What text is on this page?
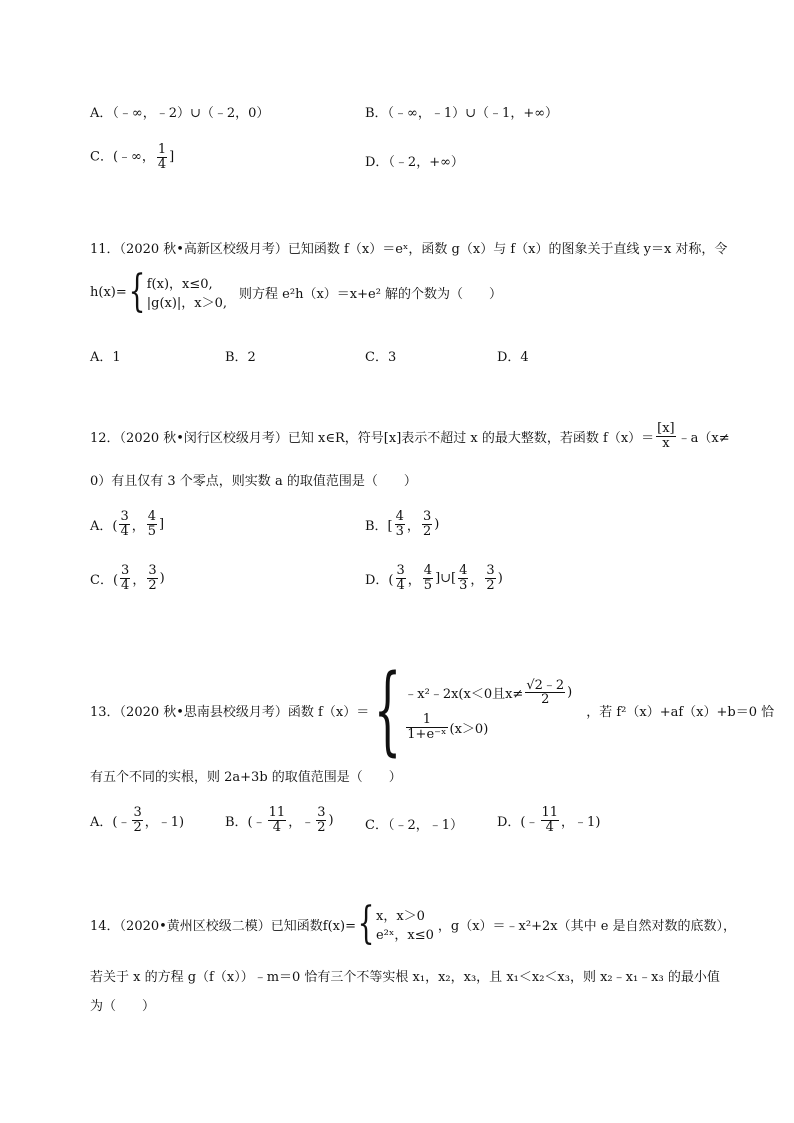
A．（﹣∞，﹣2）∪（﹣2，0）	B．（﹣∞，﹣1）∪（﹣1，+∞）
C．(﹣∞， $\frac{1}{4}$ ]	D．（﹣2，+∞）
11．（2020 秋•高新区校级月考）已知函数 f（x）＝eˣ，函数 g（x）与 f（x）的图象关于直线 y＝x 对称，令
h(x)= { f(x)，x≤0,
|g(x)|，x＞0,
则方程 e²h（x）＝x+e² 解的个数为（　　）
A．1	B．2	C．3	D．4
12．（2020 秋•闵行区校级月考）已知 x∈R，符号[x]表示不超过 x 的最大整数，若函数 $f(x)= \frac{[x]}{x}$ ﹣a（x≠
0）有且仅有 3 个零点，则实数 a 的取值范围是（　　）
A．( $\frac{3}{4}$ ， $\frac{4}{5}$ ]	B．[ $\frac{4}{3}$ ， $\frac{3}{2}$ )
C．( $\frac{3}{4}$ ， $\frac{3}{2}$ )	D．( $\frac{3}{4}$ ， $\frac{4}{5}$ ]∪[ $\frac{4}{3}$ ， $\frac{3}{2}$ )
13．（2020 秋•思南县校级月考）函数 f（x）＝ { ﹣x²﹣2x(x＜0且$x\ne \frac{√2﹣2}{2}$ )
$\frac{1}{\text{1+e⁻ˣ}} (x>0)$
，若 f²（x）+af（x）+b＝0 恰
有五个不同的实根，则 2a+3b 的取值范围是（　　）
A．(﹣ $\frac{3}{2}$ ，﹣1)	B．(﹣ $\frac{11}{4}$ ，﹣ $\frac{3}{2}$ ) C．（﹣2，﹣1）	D．(﹣ $\frac{11}{4}$ ，﹣1)
14．（2020•黄州区校级二模）已知函数f(x)= { x，x＞0
e²ˣ，x≤0
，g（x）＝﹣x²+2x（其中 e 是自然对数的底数），
若关于 x 的方程 g（f（x））﹣m＝0 恰有三个不等实根 x₁，x₂，x₃，且 x₁＜x₂＜x₃，则 x₂﹣x₁﹣x₃ 的最小值
为（　　）
